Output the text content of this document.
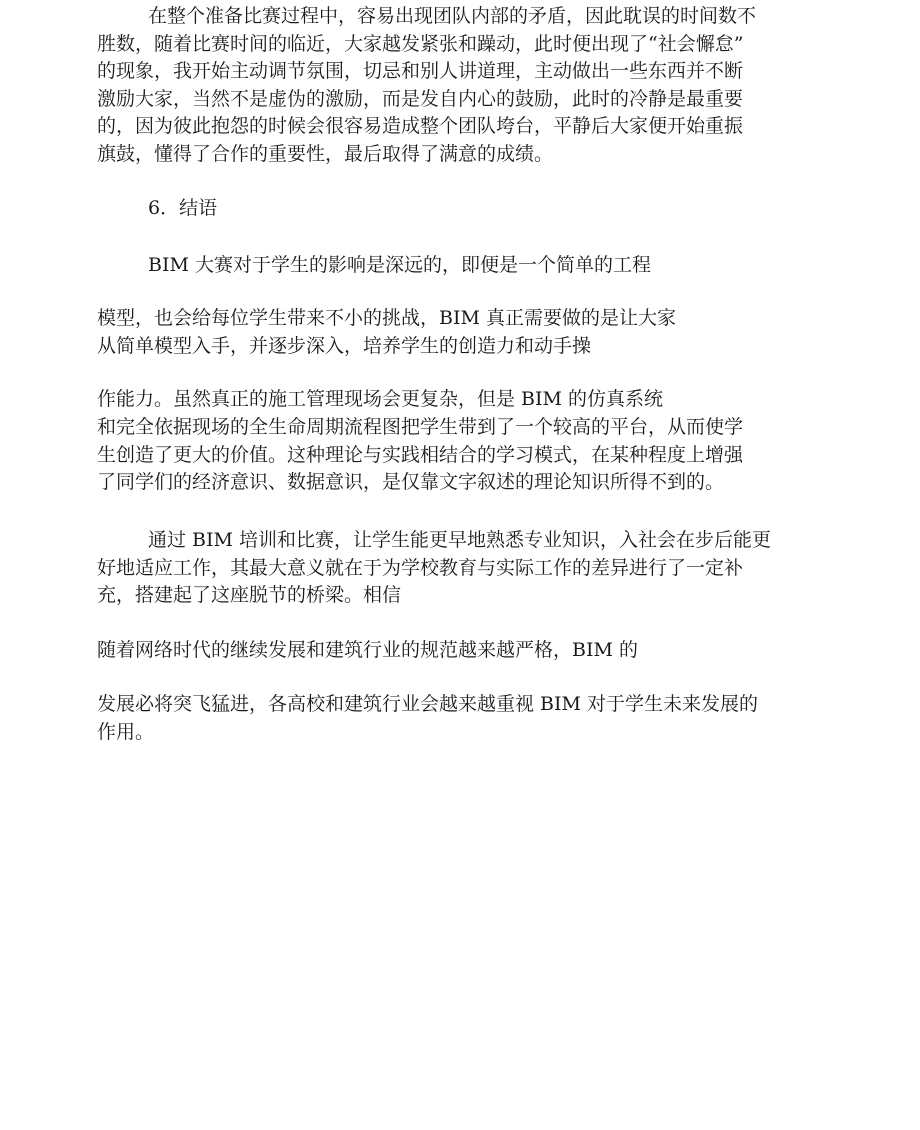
在整个准备比赛过程中，容易出现团队内部的矛盾，因此耽误的时间数不
胜数，随着比赛时间的临近，大家越发紧张和躁动，此时便出现了“社会懈怠”
的现象，我开始主动调节氛围，切忌和别人讲道理，主动做出一些东西并不断
激励大家，当然不是虚伪的激励，而是发自内心的鼓励，此时的冷静是最重要
的，因为彼此抱怨的时候会很容易造成整个团队垮台，平静后大家便开始重振
旗鼓，懂得了合作的重要性，最后取得了满意的成绩。
6．结语
BIM 大赛对于学生的影响是深远的，即便是一个简单的工程
模型，也会给每位学生带来不小的挑战，BIM 真正需要做的是让大家
从简单模型入手，并逐步深入，培养学生的创造力和动手操
作能力。虽然真正的施工管理现场会更复杂，但是 BIM 的仿真系统
和完全依据现场的全生命周期流程图把学生带到了一个较高的平台，从而使学
生创造了更大的价值。这种理论与实践相结合的学习模式，在某种程度上增强
了同学们的经济意识、数据意识，是仅靠文字叙述的理论知识所得不到的。
通过 BIM 培训和比赛，让学生能更早地熟悉专业知识，入社会在步后能更
好地适应工作，其最大意义就在于为学校教育与实际工作的差异进行了一定补
充，搭建起了这座脱节的桥梁。相信
随着网络时代的继续发展和建筑行业的规范越来越严格，BIM 的
发展必将突飞猛进，各高校和建筑行业会越来越重视 BIM 对于学生未来发展的
作用。
